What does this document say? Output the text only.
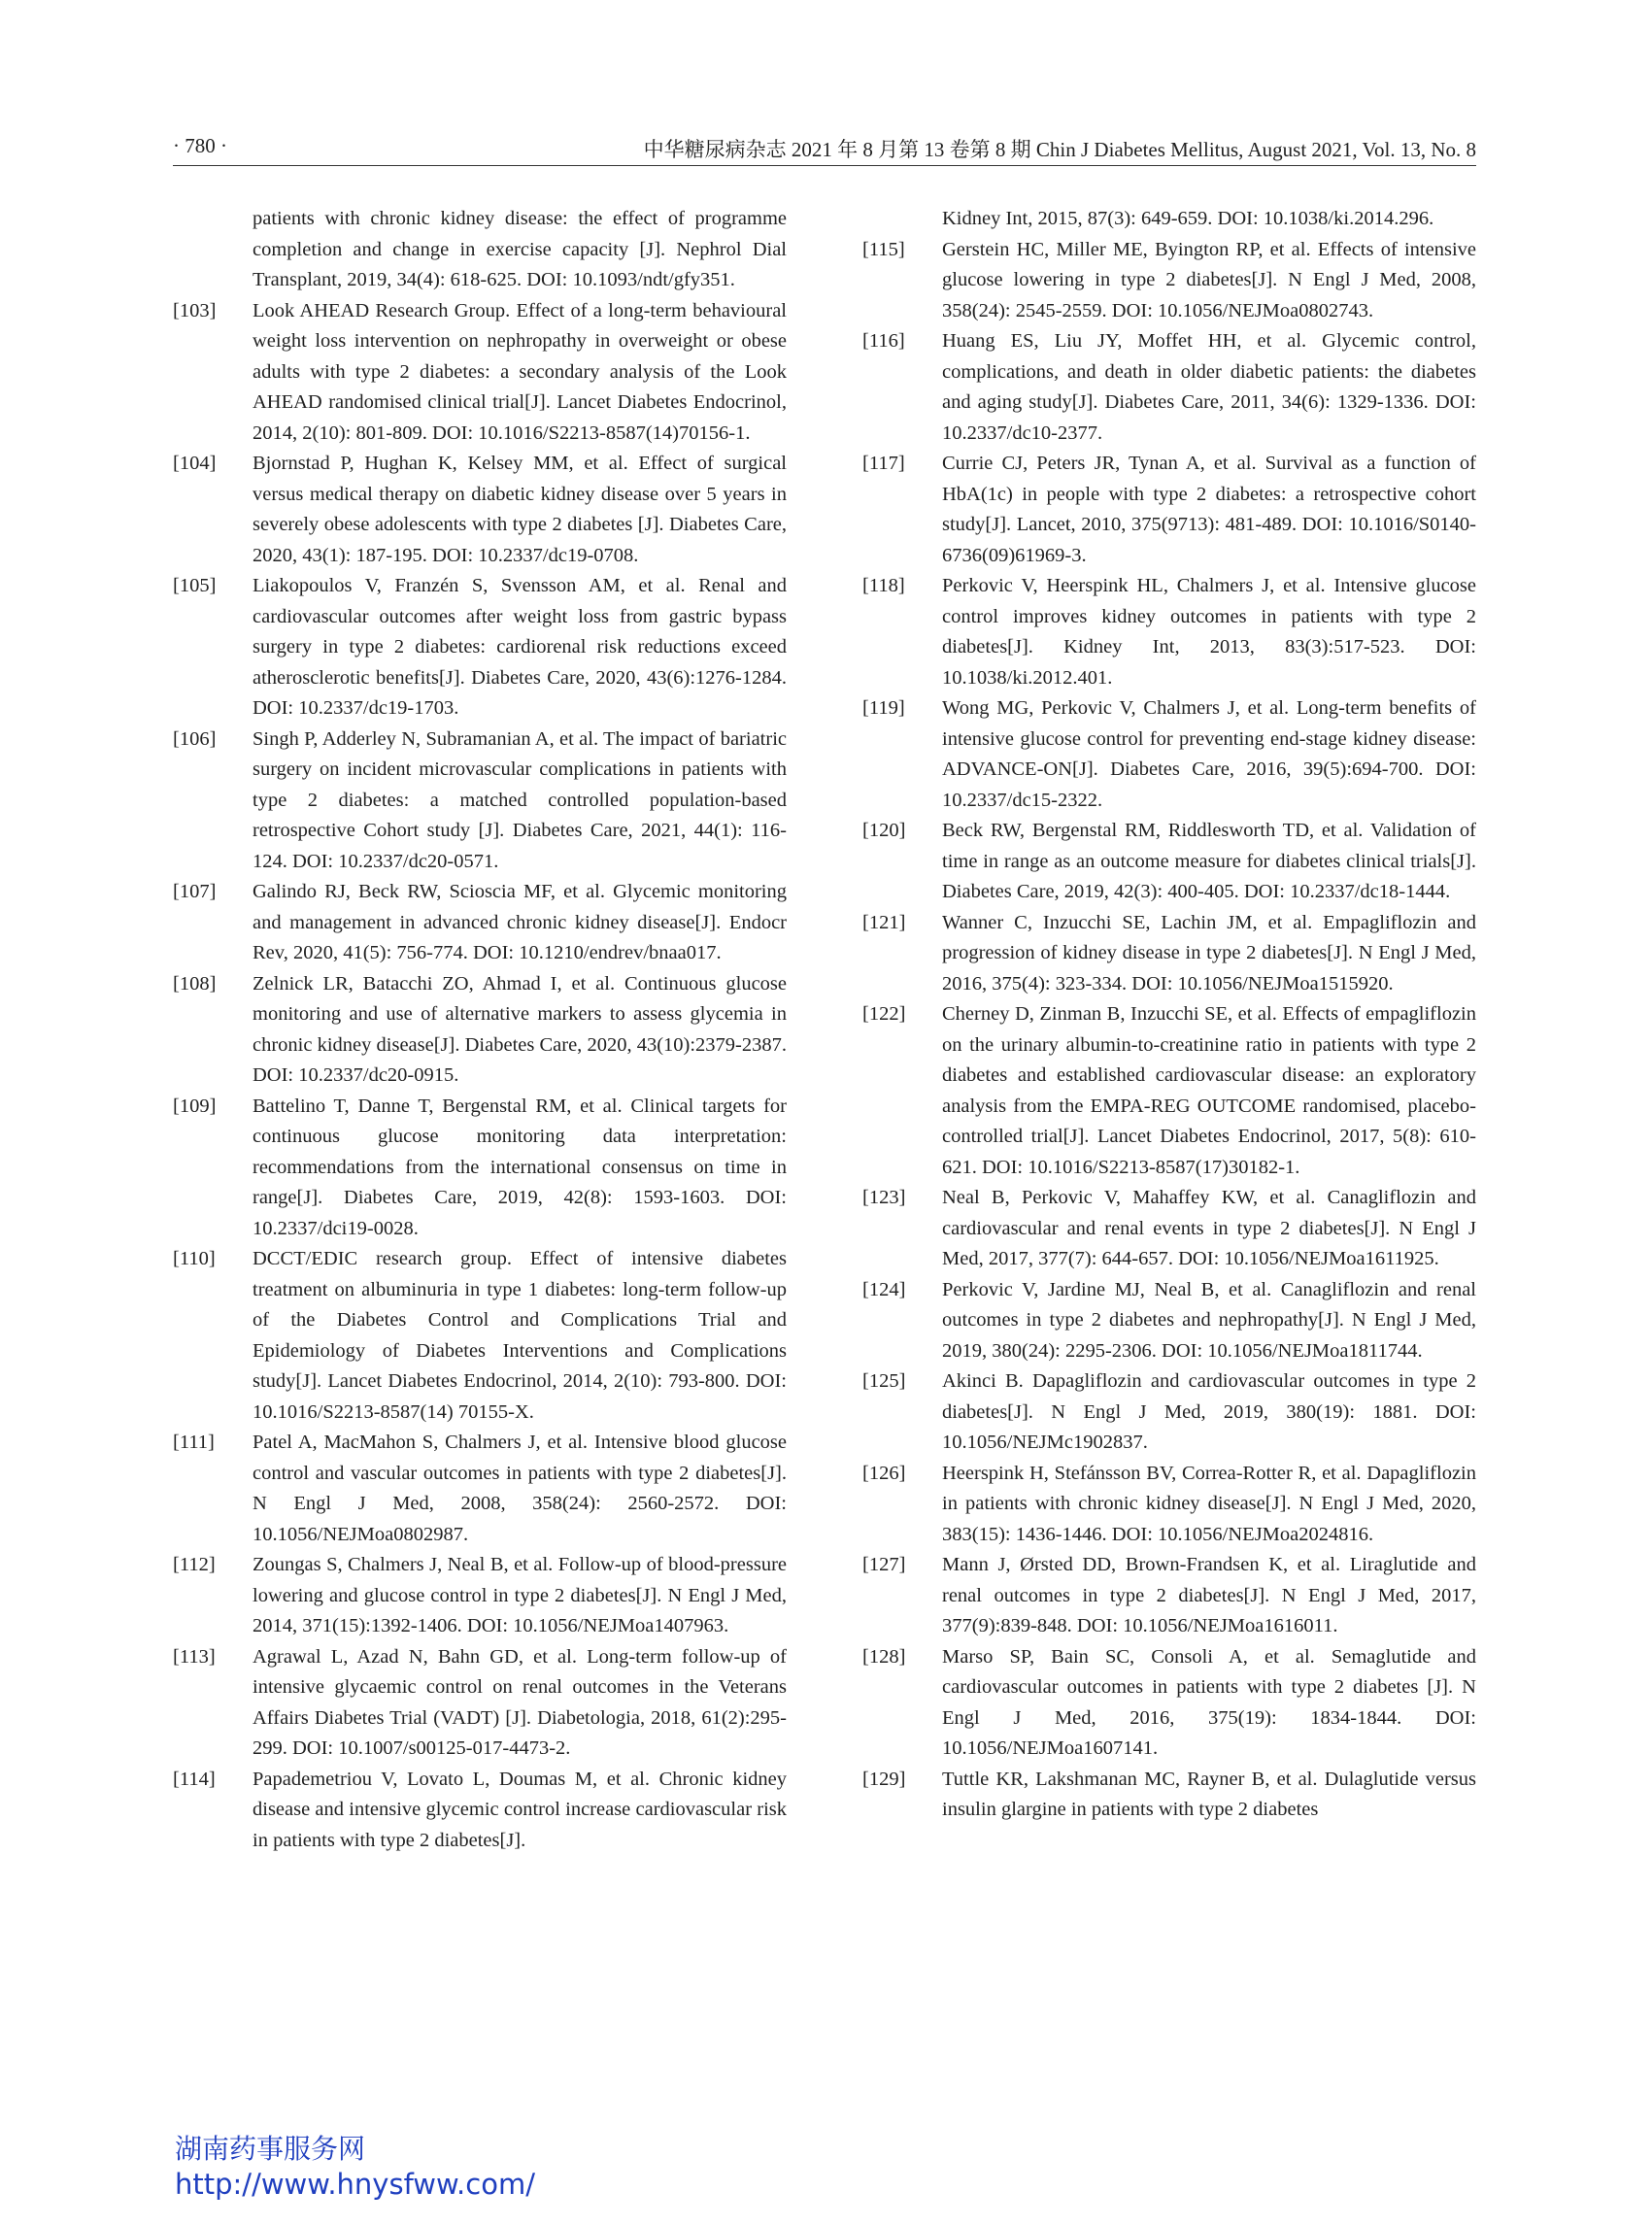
· 780 ·	中华糖尿病杂志 2021 年 8 月第 13 卷第 8 期 Chin J Diabetes Mellitus, August 2021, Vol. 13, No. 8
patients with chronic kidney disease: the effect of programme completion and change in exercise capacity [J]. Nephrol Dial Transplant, 2019, 34(4): 618-625. DOI: 10.1093/ndt/gfy351.
[103] Look AHEAD Research Group. Effect of a long-term behavioural weight loss intervention on nephropathy in overweight or obese adults with type 2 diabetes: a secondary analysis of the Look AHEAD randomised clinical trial[J]. Lancet Diabetes Endocrinol, 2014, 2(10): 801-809. DOI: 10.1016/S2213-8587(14)70156-1.
[104] Bjornstad P, Hughan K, Kelsey MM, et al. Effect of surgical versus medical therapy on diabetic kidney disease over 5 years in severely obese adolescents with type 2 diabetes [J]. Diabetes Care, 2020, 43(1): 187-195. DOI: 10.2337/dc19-0708.
[105] Liakopoulos V, Franzén S, Svensson AM, et al. Renal and cardiovascular outcomes after weight loss from gastric bypass surgery in type 2 diabetes: cardiorenal risk reductions exceed atherosclerotic benefits[J]. Diabetes Care, 2020, 43(6):1276-1284. DOI: 10.2337/dc19-1703.
[106] Singh P, Adderley N, Subramanian A, et al. The impact of bariatric surgery on incident microvascular complications in patients with type 2 diabetes: a matched controlled population-based retrospective Cohort study [J]. Diabetes Care, 2021, 44(1): 116-124. DOI: 10.2337/dc20-0571.
[107] Galindo RJ, Beck RW, Scioscia MF, et al. Glycemic monitoring and management in advanced chronic kidney disease[J]. Endocr Rev, 2020, 41(5): 756-774. DOI: 10.1210/endrev/bnaa017.
[108] Zelnick LR, Batacchi ZO, Ahmad I, et al. Continuous glucose monitoring and use of alternative markers to assess glycemia in chronic kidney disease[J]. Diabetes Care, 2020, 43(10):2379-2387. DOI: 10.2337/dc20-0915.
[109] Battelino T, Danne T, Bergenstal RM, et al. Clinical targets for continuous glucose monitoring data interpretation: recommendations from the international consensus on time in range[J]. Diabetes Care, 2019, 42(8): 1593-1603. DOI: 10.2337/dci19-0028.
[110] DCCT/EDIC research group. Effect of intensive diabetes treatment on albuminuria in type 1 diabetes: long-term follow-up of the Diabetes Control and Complications Trial and Epidemiology of Diabetes Interventions and Complications study[J]. Lancet Diabetes Endocrinol, 2014, 2(10): 793-800. DOI: 10.1016/S2213-8587(14) 70155-X.
[111] Patel A, MacMahon S, Chalmers J, et al. Intensive blood glucose control and vascular outcomes in patients with type 2 diabetes[J]. N Engl J Med, 2008, 358(24): 2560-2572. DOI: 10.1056/NEJMoa0802987.
[112] Zoungas S, Chalmers J, Neal B, et al. Follow-up of blood-pressure lowering and glucose control in type 2 diabetes[J]. N Engl J Med, 2014, 371(15):1392-1406. DOI: 10.1056/NEJMoa1407963.
[113] Agrawal L, Azad N, Bahn GD, et al. Long-term follow-up of intensive glycaemic control on renal outcomes in the Veterans Affairs Diabetes Trial (VADT) [J]. Diabetologia, 2018, 61(2):295-299. DOI: 10.1007/s00125-017-4473-2.
[114] Papademetriou V, Lovato L, Doumas M, et al. Chronic kidney disease and intensive glycemic control increase cardiovascular risk in patients with type 2 diabetes[J].
Kidney Int, 2015, 87(3): 649-659. DOI: 10.1038/ki.2014.296.
[115] Gerstein HC, Miller ME, Byington RP, et al. Effects of intensive glucose lowering in type 2 diabetes[J]. N Engl J Med, 2008, 358(24): 2545-2559. DOI: 10.1056/NEJMoa0802743.
[116] Huang ES, Liu JY, Moffet HH, et al. Glycemic control, complications, and death in older diabetic patients: the diabetes and aging study[J]. Diabetes Care, 2011, 34(6): 1329-1336. DOI: 10.2337/dc10-2377.
[117] Currie CJ, Peters JR, Tynan A, et al. Survival as a function of HbA(1c) in people with type 2 diabetes: a retrospective cohort study[J]. Lancet, 2010, 375(9713): 481-489. DOI: 10.1016/S0140-6736(09)61969-3.
[118] Perkovic V, Heerspink HL, Chalmers J, et al. Intensive glucose control improves kidney outcomes in patients with type 2 diabetes[J]. Kidney Int, 2013, 83(3):517-523. DOI: 10.1038/ki.2012.401.
[119] Wong MG, Perkovic V, Chalmers J, et al. Long-term benefits of intensive glucose control for preventing end-stage kidney disease: ADVANCE-ON[J]. Diabetes Care, 2016, 39(5):694-700. DOI: 10.2337/dc15-2322.
[120] Beck RW, Bergenstal RM, Riddlesworth TD, et al. Validation of time in range as an outcome measure for diabetes clinical trials[J]. Diabetes Care, 2019, 42(3): 400-405. DOI: 10.2337/dc18-1444.
[121] Wanner C, Inzucchi SE, Lachin JM, et al. Empagliflozin and progression of kidney disease in type 2 diabetes[J]. N Engl J Med, 2016, 375(4): 323-334. DOI: 10.1056/NEJMoa1515920.
[122] Cherney D, Zinman B, Inzucchi SE, et al. Effects of empagliflozin on the urinary albumin-to-creatinine ratio in patients with type 2 diabetes and established cardiovascular disease: an exploratory analysis from the EMPA-REG OUTCOME randomised, placebo-controlled trial[J]. Lancet Diabetes Endocrinol, 2017, 5(8): 610-621. DOI: 10.1016/S2213-8587(17)30182-1.
[123] Neal B, Perkovic V, Mahaffey KW, et al. Canagliflozin and cardiovascular and renal events in type 2 diabetes[J]. N Engl J Med, 2017, 377(7): 644-657. DOI: 10.1056/NEJMoa1611925.
[124] Perkovic V, Jardine MJ, Neal B, et al. Canagliflozin and renal outcomes in type 2 diabetes and nephropathy[J]. N Engl J Med, 2019, 380(24): 2295-2306. DOI: 10.1056/NEJMoa1811744.
[125] Akinci B. Dapagliflozin and cardiovascular outcomes in type 2 diabetes[J]. N Engl J Med, 2019, 380(19): 1881. DOI: 10.1056/NEJMc1902837.
[126] Heerspink H, Stefánsson BV, Correa-Rotter R, et al. Dapagliflozin in patients with chronic kidney disease[J]. N Engl J Med, 2020, 383(15): 1436-1446. DOI: 10.1056/NEJMoa2024816.
[127] Mann J, Ørsted DD, Brown-Frandsen K, et al. Liraglutide and renal outcomes in type 2 diabetes[J]. N Engl J Med, 2017, 377(9):839-848. DOI: 10.1056/NEJMoa1616011.
[128] Marso SP, Bain SC, Consoli A, et al. Semaglutide and cardiovascular outcomes in patients with type 2 diabetes [J]. N Engl J Med, 2016, 375(19): 1834-1844. DOI: 10.1056/NEJMoa1607141.
[129] Tuttle KR, Lakshmanan MC, Rayner B, et al. Dulaglutide versus insulin glargine in patients with type 2 diabetes
湖南药事服务网
http://www.hnysfww.com/
